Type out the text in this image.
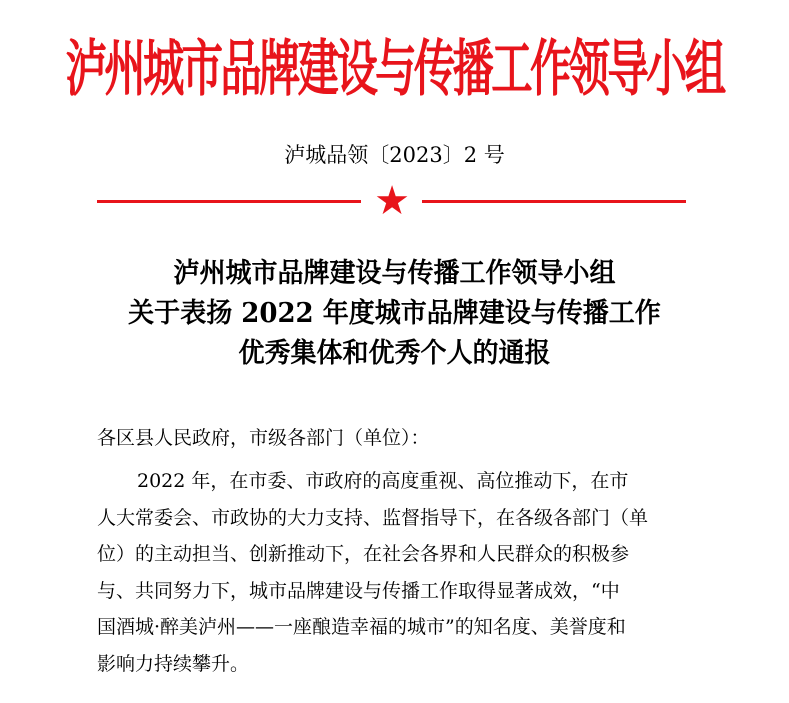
泸州城市品牌建设与传播工作领导小组
泸城品领〔2023〕2 号
★
泸州城市品牌建设与传播工作领导小组
关于表扬 2022 年度城市品牌建设与传播工作
优秀集体和优秀个人的通报
各区县人民政府，市级各部门（单位）：
2022 年，在市委、市政府的高度重视、高位推动下，在市
人大常委会、市政协的大力支持、监督指导下，在各级各部门（单
位）的主动担当、创新推动下，在社会各界和人民群众的积极参
与、共同努力下，城市品牌建设与传播工作取得显著成效，“中
国酒城·醉美泸州——一座酿造幸福的城市”的知名度、美誉度和
影响力持续攀升。
